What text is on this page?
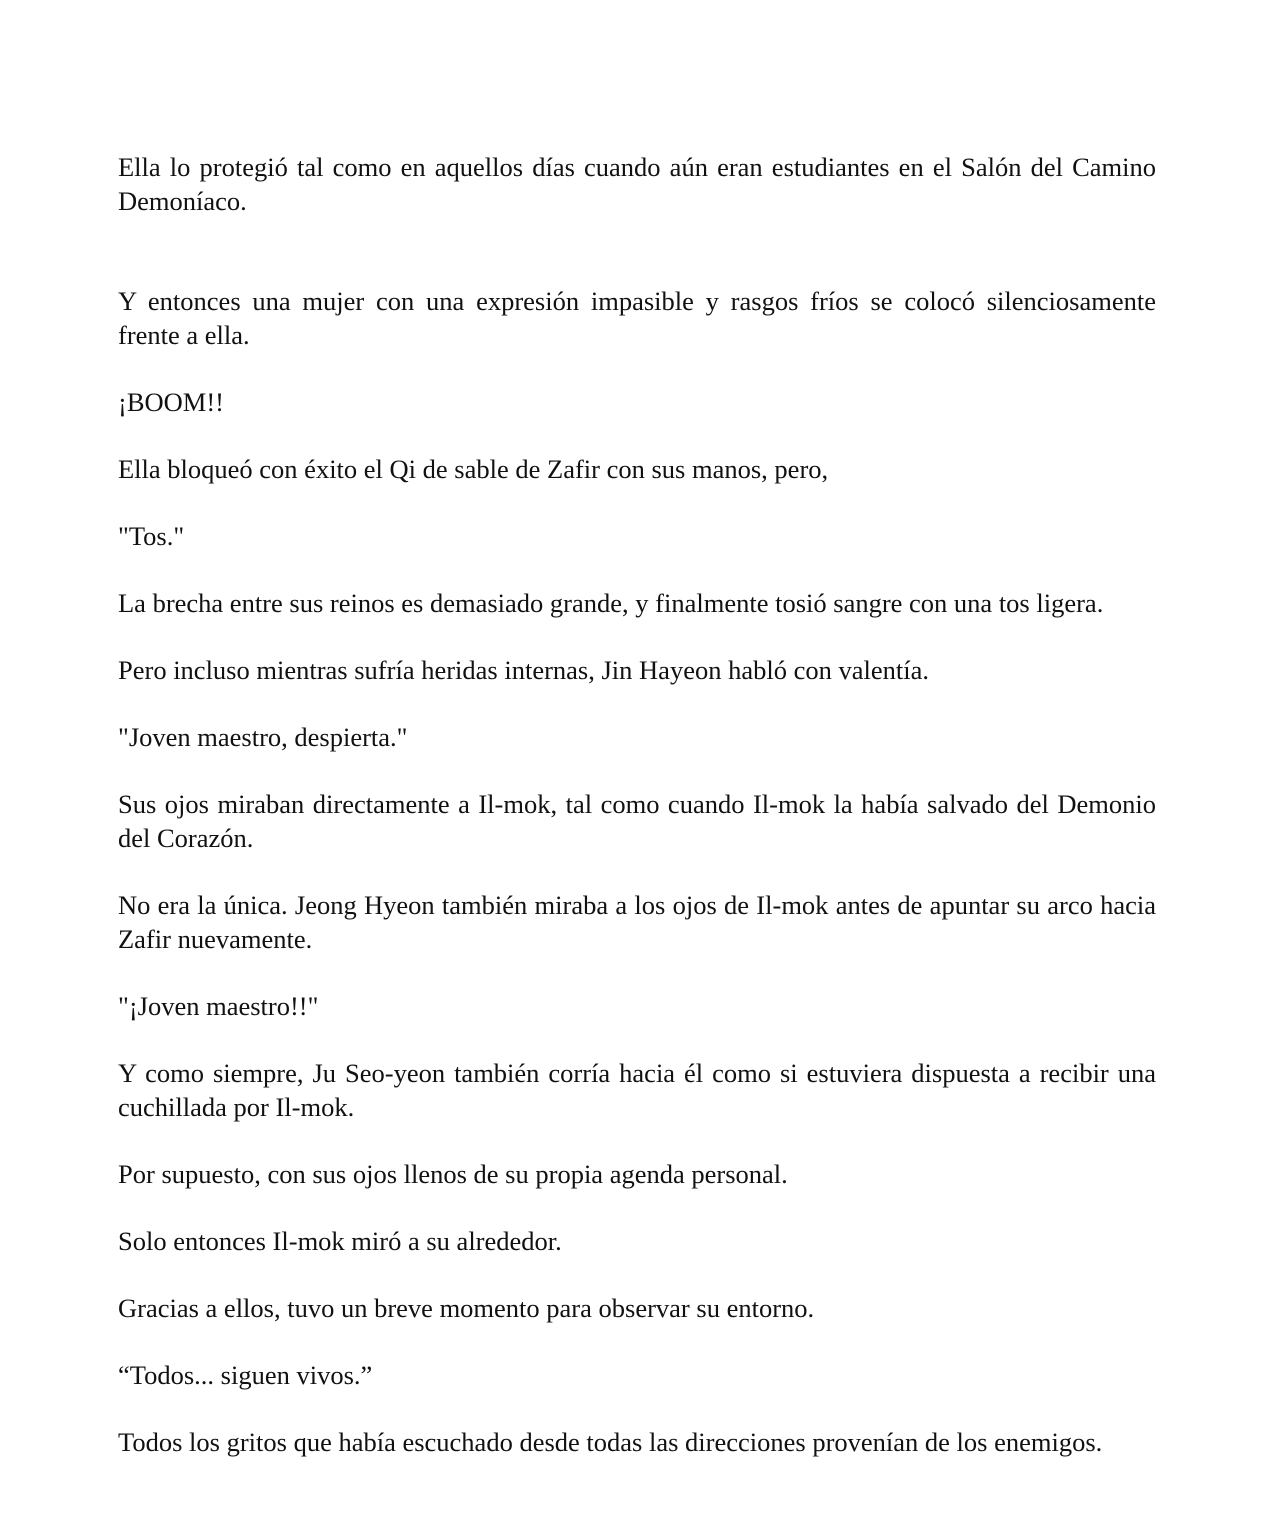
Ella lo protegió tal como en aquellos días cuando aún eran estudiantes en el Salón del Camino Demoníaco.

Y entonces una mujer con una expresión impasible y rasgos fríos se colocó silenciosamente frente a ella.

¡BOOM!!

Ella bloqueó con éxito el Qi de sable de Zafir con sus manos, pero,

"Tos."

La brecha entre sus reinos es demasiado grande, y finalmente tosió sangre con una tos ligera.

Pero incluso mientras sufría heridas internas, Jin Hayeon habló con valentía.

"Joven maestro, despierta."

Sus ojos miraban directamente a Il-mok, tal como cuando Il-mok la había salvado del Demonio del Corazón.

No era la única. Jeong Hyeon también miraba a los ojos de Il-mok antes de apuntar su arco hacia Zafir nuevamente.

"¡Joven maestro!!"

Y como siempre, Ju Seo-yeon también corría hacia él como si estuviera dispuesta a recibir una cuchillada por Il-mok.

Por supuesto, con sus ojos llenos de su propia agenda personal.

Solo entonces Il-mok miró a su alrededor.

Gracias a ellos, tuvo un breve momento para observar su entorno.

“Todos... siguen vivos.”

Todos los gritos que había escuchado desde todas las direcciones provenían de los enemigos.
